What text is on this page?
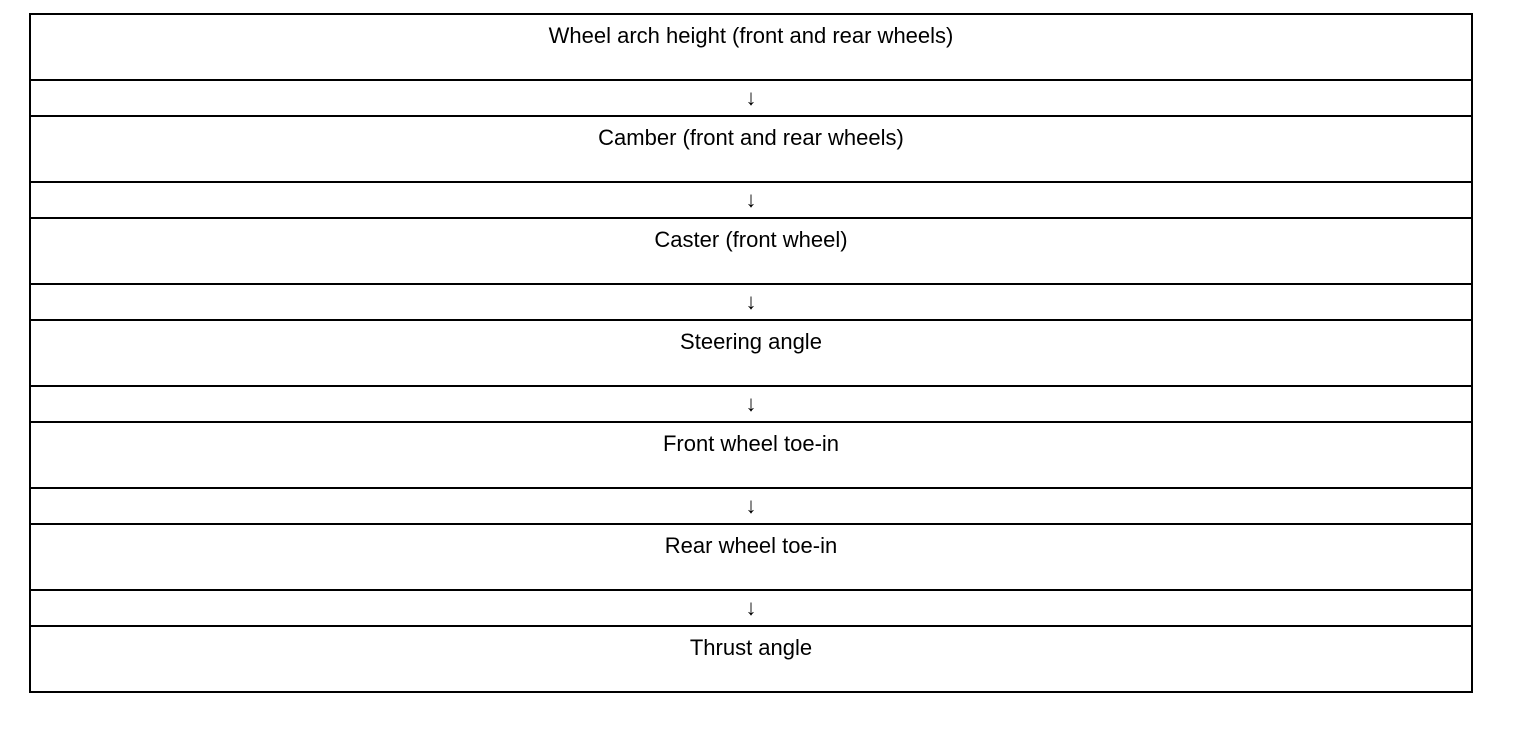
Wheel arch height (front and rear wheels)

↓

Camber (front and rear wheels)

↓

Caster (front wheel)

↓

Steering angle

↓

Front wheel toe-in

↓

Rear wheel toe-in

↓

Thrust angle
